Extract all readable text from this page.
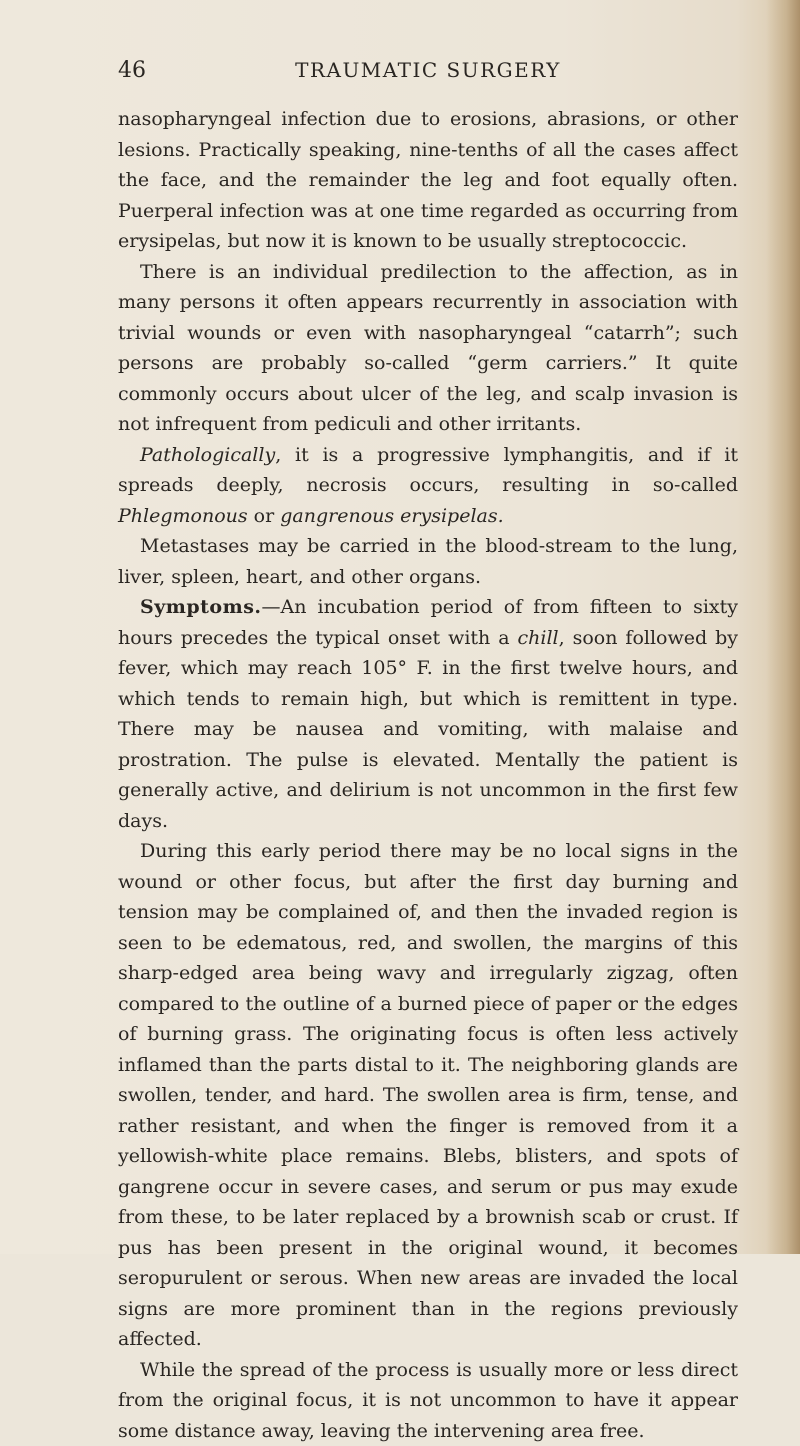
46	TRAUMATIC SURGERY

nasopharyngeal infection due to erosions, abrasions, or other lesions. Practically speaking, nine-tenths of all the cases affect the face, and the remainder the leg and foot equally often. Puerperal infection was at one time regarded as occurring from erysipelas, but now it is known to be usually streptococcic.

There is an individual predilection to the affection, as in many persons it often appears recurrently in association with trivial wounds or even with nasopharyngeal “catarrh”; such persons are probably so-called “germ carriers.” It quite commonly occurs about ulcer of the leg, and scalp invasion is not infrequent from pediculi and other irritants.

Pathologically, it is a progressive lymphangitis, and if it spreads deeply, necrosis occurs, resulting in so-called Phlegmonous or gangrenous erysipelas.

Metastases may be carried in the blood-stream to the lung, liver, spleen, heart, and other organs.

Symptoms.—An incubation period of from fifteen to sixty hours precedes the typical onset with a chill, soon followed by fever, which may reach 105° F. in the first twelve hours, and which tends to remain high, but which is remittent in type. There may be nausea and vomiting, with malaise and prostration. The pulse is elevated. Mentally the patient is generally active, and delirium is not uncommon in the first few days.

During this early period there may be no local signs in the wound or other focus, but after the first day burning and tension may be complained of, and then the invaded region is seen to be edematous, red, and swollen, the margins of this sharp-edged area being wavy and irregularly zigzag, often compared to the outline of a burned piece of paper or the edges of burning grass. The originating focus is often less actively inflamed than the parts distal to it. The neighboring glands are swollen, tender, and hard. The swollen area is firm, tense, and rather resistant, and when the finger is removed from it a yellowish-white place remains. Blebs, blisters, and spots of gangrene occur in severe cases, and serum or pus may exude from these, to be later replaced by a brownish scab or crust. If pus has been present in the original wound, it becomes seropurulent or serous. When new areas are invaded the local signs are more prominent than in the regions previously affected.

While the spread of the process is usually more or less direct from the original focus, it is not uncommon to have it appear some distance away, leaving the intervening area free.
